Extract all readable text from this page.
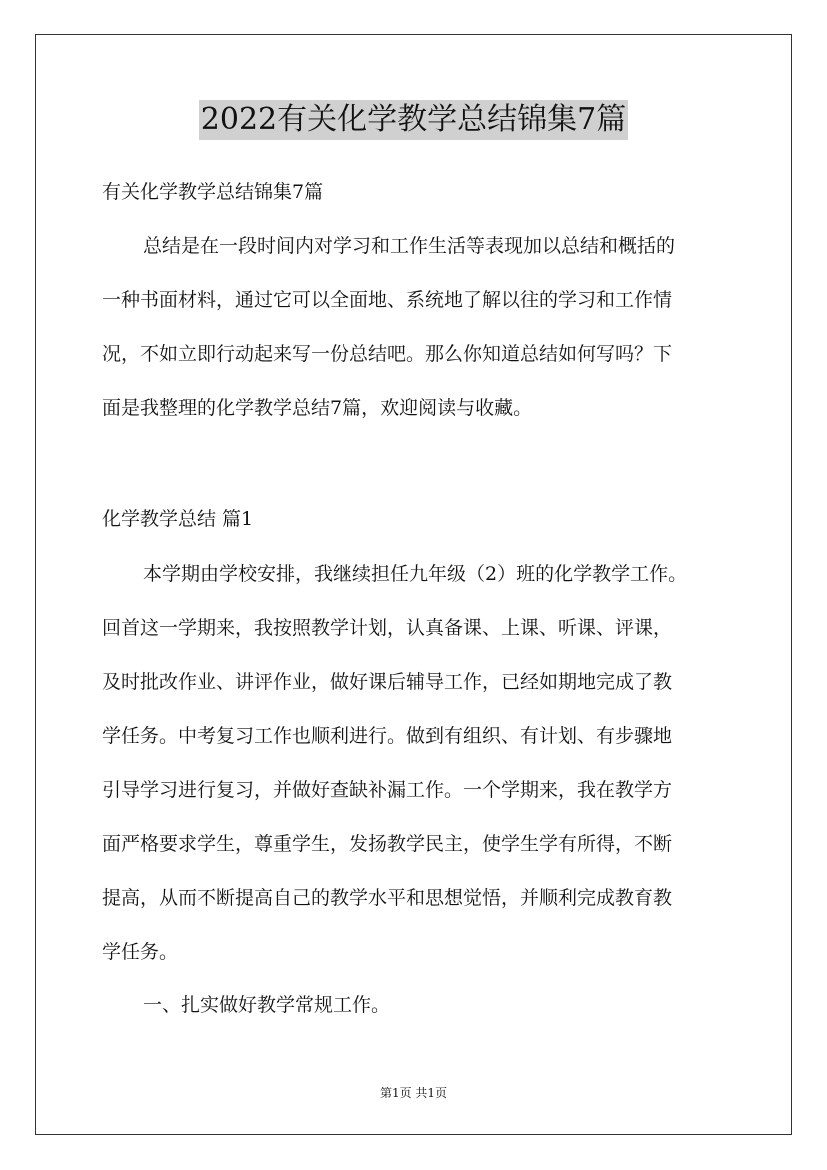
2022有关化学教学总结锦集7篇
有关化学教学总结锦集7篇
总结是在一段时间内对学习和工作生活等表现加以总结和概括的
一种书面材料，通过它可以全面地、系统地了解以往的学习和工作情
况，不如立即行动起来写一份总结吧。那么你知道总结如何写吗？下
面是我整理的化学教学总结7篇，欢迎阅读与收藏。
化学教学总结 篇1
本学期由学校安排，我继续担任九年级（2）班的化学教学工作。
回首这一学期来，我按照教学计划，认真备课、上课、听课、评课，
及时批改作业、讲评作业，做好课后辅导工作，已经如期地完成了教
学任务。中考复习工作也顺利进行。做到有组织、有计划、有步骤地
引导学习进行复习，并做好查缺补漏工作。一个学期来，我在教学方
面严格要求学生，尊重学生，发扬教学民主，使学生学有所得，不断
提高，从而不断提高自己的教学水平和思想觉悟，并顺利完成教育教
学任务。
一、扎实做好教学常规工作。
第1页 共1页
